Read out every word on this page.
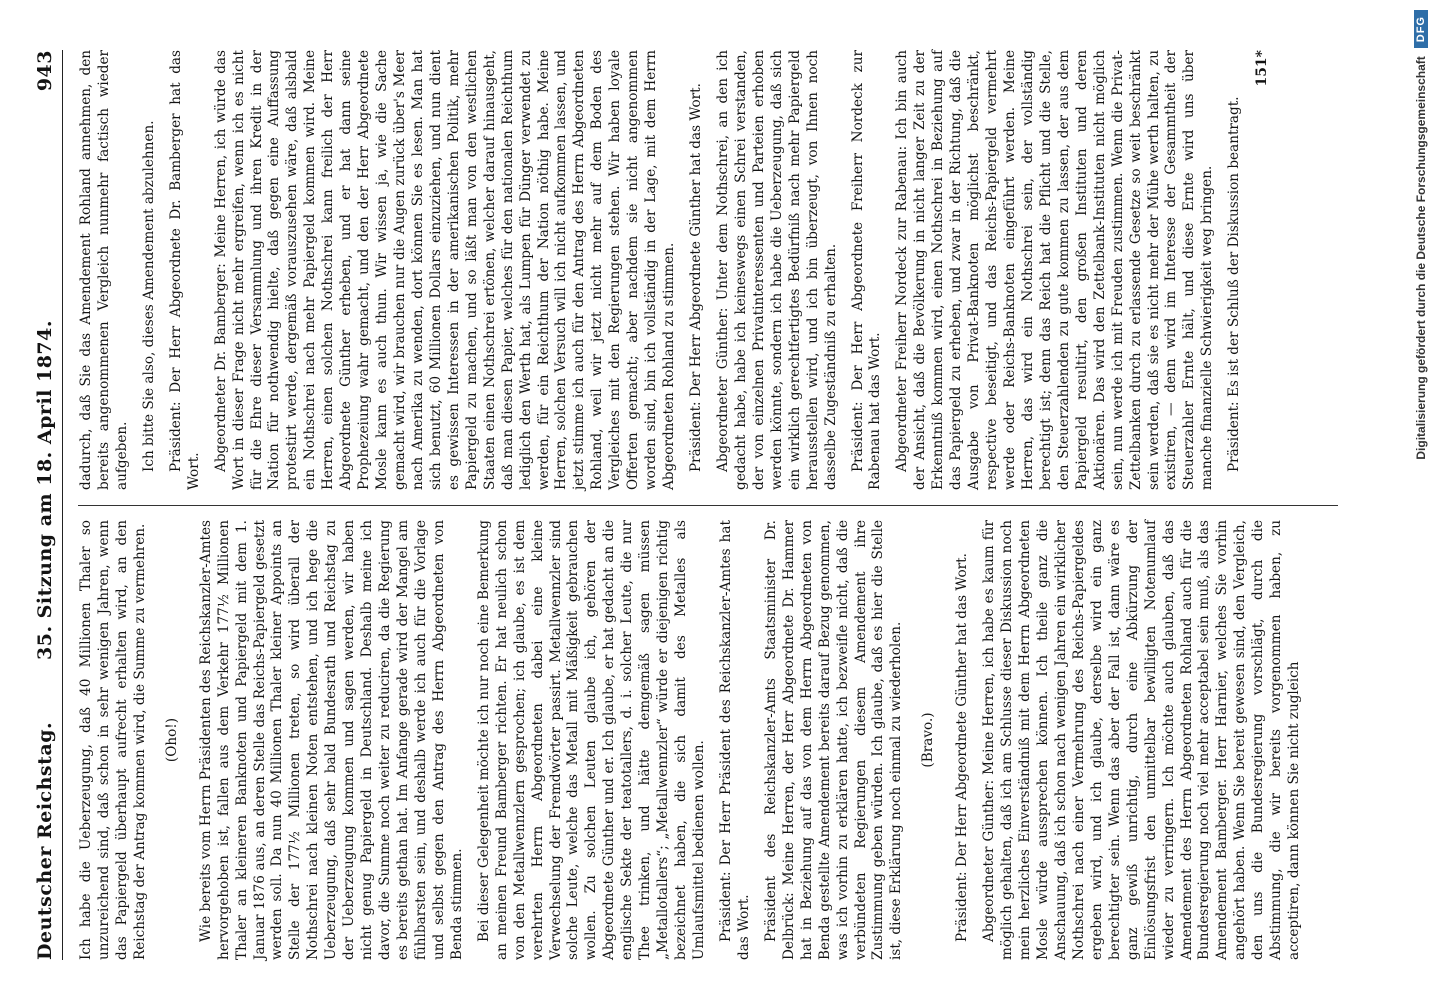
Deutscher Reichstag.
35. Sitzung am 18. April 1874.
943

Ich habe die Ueberzeugung, daß 40 Millionen Thaler so unzureichend sind, daß schon in sehr wenigen Jahren, wenn das Papiergeld überhaupt aufrecht erhalten wird, an den Reichstag der Antrag kommen wird, die Summe zu vermehren. (Oho!) Wie bereits vom Herrn Präsidenten des Reichskanzler-Amtes hervorgehoben ist, fallen aus dem Verkehr 177½ Millionen Thaler an kleineren Banknoten und Papiergeld mit dem 1. Januar 1876 aus, an deren Stelle das Reichs-Papiergeld gesetzt werden soll. Da nun 40 Millionen Thaler kleiner Appoints an Stelle der 177½ Millionen treten, so wird überall der Nothschrei nach kleinen Noten entstehen, und ich hege die Ueberzeugung, daß sehr bald Bundesrath und Reichstag zu der Ueberzeugung kommen und sagen werden, wir haben nicht genug Papiergeld in Deutschland. Deshalb meine ich davor, die Summe noch weiter zu reduciren, da die Regierung es bereits gethan hat. Im Anfange gerade wird der Mangel am fühlbarsten sein, und deshalb werde ich auch für die Vorlage und selbst gegen den Antrag des Herrn Abgeordneten von Benda stimmen. Bei dieser Gelegenheit möchte ich nur noch eine Bemerkung an meinen Freund Bamberger richten. Er hat neulich schon von den Metallwennzlern gesprochen; ich glaube, es ist dem verehrten Herrn Abgeordneten dabei eine kleine Verwechselung der Fremdwörter passirt. Metallwennzler sind solche Leute, welche das Metall mit Mäßigkeit gebrauchen wollen. Zu solchen Leuten glaube ich, gehören der Abgeordnete Günther und er. Ich glaube, er hat gedacht an die englische Sekte der teatotallers, d. i. solcher Leute, die nur Thee trinken, und hätte demgemäß sagen müssen „Metallotallers“; „Metallwennzler“ würde er diejenigen richtig bezeichnet haben, die sich damit des Metalles als Umlaufsmittel bedienen wollen. Präsident: Der Herr Präsident des Reichskanzler-Amtes hat das Wort. Präsident des Reichskanzler-Amts Staatsminister Dr. Delbrück: Meine Herren, der Herr Abgeordnete Dr. Hammer hat in Beziehung auf das von dem Herrn Abgeordneten von Benda gestellte Amendement bereits darauf Bezug genommen, was ich vorhin zu erklären hatte, ich bezweifle nicht, daß die verbündeten Regierungen diesem Amendement ihre Zustimmung geben würden. Ich glaube, daß es hier die Stelle ist, diese Erklärung noch einmal zu wiederholen. (Bravo.) Präsident: Der Herr Abgeordnete Günther hat das Wort. Abgeordneter Günther: Meine Herren, ich habe es kaum für möglich gehalten, daß ich am Schlusse dieser Diskussion noch mein herzliches Einverständniß mit dem Herrn Abgeordneten Mosle würde aussprechen können. Ich theile ganz die Anschauung, daß ich schon nach wenigen Jahren ein wirklicher Nothschrei nach einer Vermehrung des Reichs-Papiergeldes ergeben wird, und ich glaube, derselbe wird ein ganz berechtigter sein. Wenn das aber der Fall ist, dann wäre es ganz gewiß unrichtig, durch eine Abkürzung der Einlösungsfrist den unmittelbar bewilligten Notenumlauf wieder zu verringern. Ich möchte auch glauben, daß das Amendement des Herrn Abgeordneten Rohland auch für die Bundesregierung noch viel mehr acceptabel sein muß, als das Amendement Bamberger. Herr Harnier, welches Sie vorhin angehört haben. Wenn Sie bereit gewesen sind, den Vergleich, den uns die Bundesregierung vorschlägt, durch die Abstimmung, die wir bereits vorgenommen haben, zu acceptiren, dann können Sie nicht zugleich

dadurch, daß Sie das Amendement Rohland annehmen, den bereits angenommenen Vergleich nunmehr factisch wieder aufgeben. Ich bitte Sie also, dieses Amendement abzulehnen. Präsident: Der Herr Abgeordnete Dr. Bamberger hat das Wort. Abgeordneter Dr. Bamberger: Meine Herren, ich würde das Wort in dieser Frage nicht mehr ergreifen, wenn ich es nicht für die Ehre dieser Versammlung und ihren Kredit in der Nation für nothwendig hielte, daß gegen eine Auffassung protestirt werde, dergemäß vorauszusehen wäre, daß alsbald ein Nothschrei nach mehr Papiergeld kommen wird. Meine Herren, einen solchen Nothschrei kann freilich der Herr Abgeordnete Günther erheben, und er hat dann seine Prophezeiung wahr gemacht, und den der Herr Abgeordnete Mosle kann es auch thun. Wir wissen ja, wie die Sache gemacht wird, wir brauchen nur die Augen zurück über's Meer nach Amerika zu wenden, dort können Sie es lesen. Man hat sich benutzt, 60 Millionen Dollars einzuziehen, und nun dient es gewissen Interessen in der amerikanischen Politik, mehr Papiergeld zu machen, und so läßt man von den westlichen Staaten einen Nothschrei ertönen, welcher darauf hinausgeht, daß man diesen Papier, welches für den nationalen Reichthum lediglich den Werth hat, als Lumpen für Dünger verwendet zu werden, für ein Reichthum der Nation nöthig habe. Meine Herren, solchen Versuch will ich nicht aufkommen lassen, und jetzt stimme ich auch für den Antrag des Herrn Abgeordneten Rohland, weil wir jetzt nicht mehr auf dem Boden des Vergleiches mit den Regierungen stehen. Wir haben loyale Offerten gemacht; aber nachdem sie nicht angenommen worden sind, bin ich vollständig in der Lage, mit dem Herrn Abgeordneten Rohland zu stimmen. Präsident: Der Herr Abgeordnete Günther hat das Wort. Abgeordneter Günther: Unter dem Nothschrei, an den ich gedacht habe, habe ich keineswegs einen Schrei verstanden, der von einzelnen Privatinteressenten und Parteien erhoben werden könnte, sondern ich habe die Ueberzeugung, daß sich ein wirklich gerechtfertigtes Bedürfniß nach mehr Papiergeld herausstellen wird, und ich bin überzeugt, von Ihnen noch dasselbe Zugeständniß zu erhalten. Präsident: Der Herr Abgeordnete Freiherr Nordeck zur Rabenau hat das Wort. Abgeordneter Freiherr Nordeck zur Rabenau: Ich bin auch der Ansicht, daß die Bevölkerung in nicht langer Zeit zu der Erkenntniß kommen wird, einen Nothschrei in Beziehung auf das Papiergeld zu erheben, und zwar in der Richtung, daß die Ausgabe von Privat-Banknoten möglichst beschränkt, respective beseitigt, und das Reichs-Papiergeld vermehrt werde oder Reichs-Banknoten eingeführt werden. Meine Herren, das wird ein Nothschrei sein, der vollständig berechtigt ist; denn das Reich hat die Pflicht und die Stelle, den Steuerzahlenden zu gute kommen zu lassen, der aus dem Papiergeld resultirt, den großen Instituten und deren Aktionären. Das wird den Zettelbank-Instituten nicht möglich sein, nun werde ich mit Freuden zustimmen. Wenn die Privat-Zettelbanken durch zu erlassende Gesetze so weit beschränkt sein werden, daß sie es nicht mehr der Mühe werth halten, zu existiren, — denn wird im Interesse der Gesammtheit der Steuerzahler Ernte hält, und diese Ernte wird uns über manche finanzielle Schwierigkeit weg bringen. Präsident: Es ist der Schluß der Diskussion beantragt.

151*	Digitalisierung gefördert durch die Deutsche Forschungsgemeinschaft
DFG
